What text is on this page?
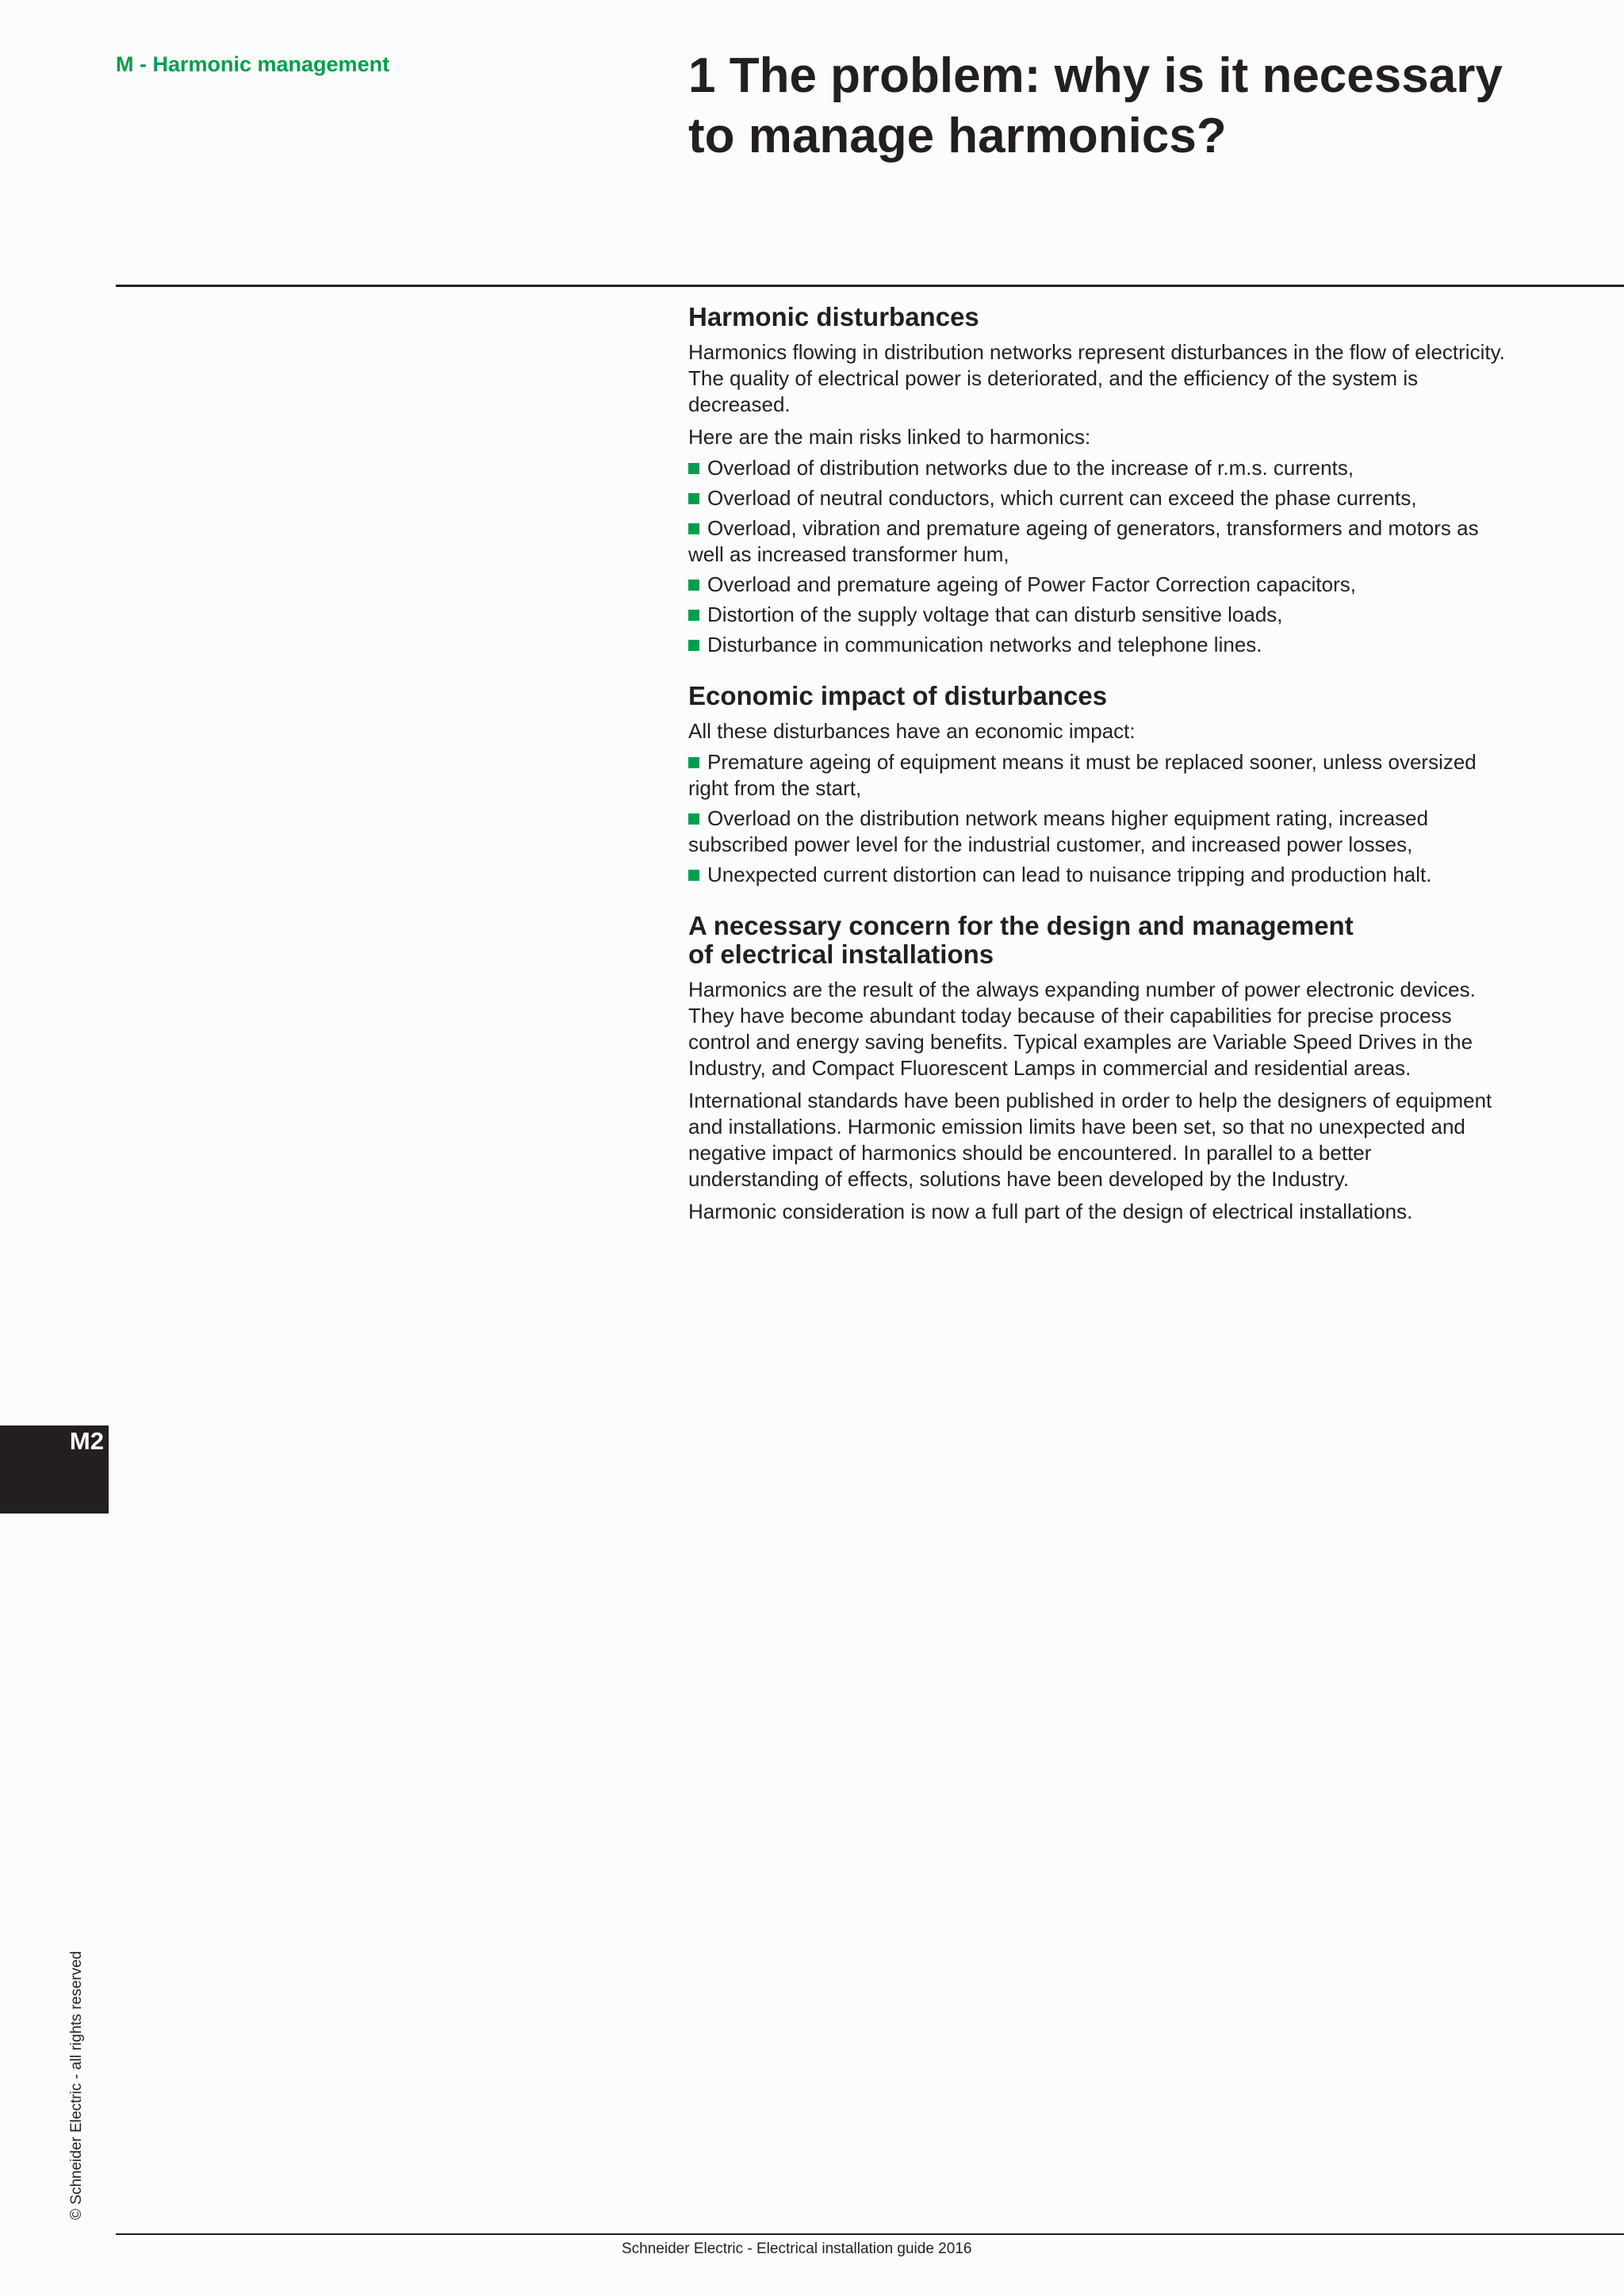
M - Harmonic management	1 The problem: why is it necessary
to manage harmonics?
Harmonic disturbances

Harmonics flowing in distribution networks represent disturbances in the flow of electricity. The quality of electrical power is deteriorated, and the efficiency of the system is decreased.

Here are the main risks linked to harmonics:

Overload of distribution networks due to the increase of r.m.s. currents,

Overload of neutral conductors, which current can exceed the phase currents,

Overload, vibration and premature ageing of generators, transformers and motors as well as increased transformer hum,

Overload and premature ageing of Power Factor Correction capacitors,

Distortion of the supply voltage that can disturb sensitive loads,

Disturbance in communication networks and telephone lines.

Economic impact of disturbances

All these disturbances have an economic impact:

Premature ageing of equipment means it must be replaced sooner, unless oversized right from the start,

Overload on the distribution network means higher equipment rating, increased subscribed power level for the industrial customer, and increased power losses,

Unexpected current distortion can lead to nuisance tripping and production halt.

A necessary concern for the design and management
of electrical installations

Harmonics are the result of the always expanding number of power electronic devices. They have become abundant today because of their capabilities for precise process control and energy saving benefits. Typical examples are Variable Speed Drives in the Industry, and Compact Fluorescent Lamps in commercial and residential areas.

International standards have been published in order to help the designers of equipment and installations. Harmonic emission limits have been set, so that no unexpected and negative impact of harmonics should be encountered. In parallel to a better understanding of effects, solutions have been developed by the Industry.

Harmonic consideration is now a full part of the design of electrical installations.

M2
© Schneider Electric - all rights reserved
Schneider Electric - Electrical installation guide 2016
